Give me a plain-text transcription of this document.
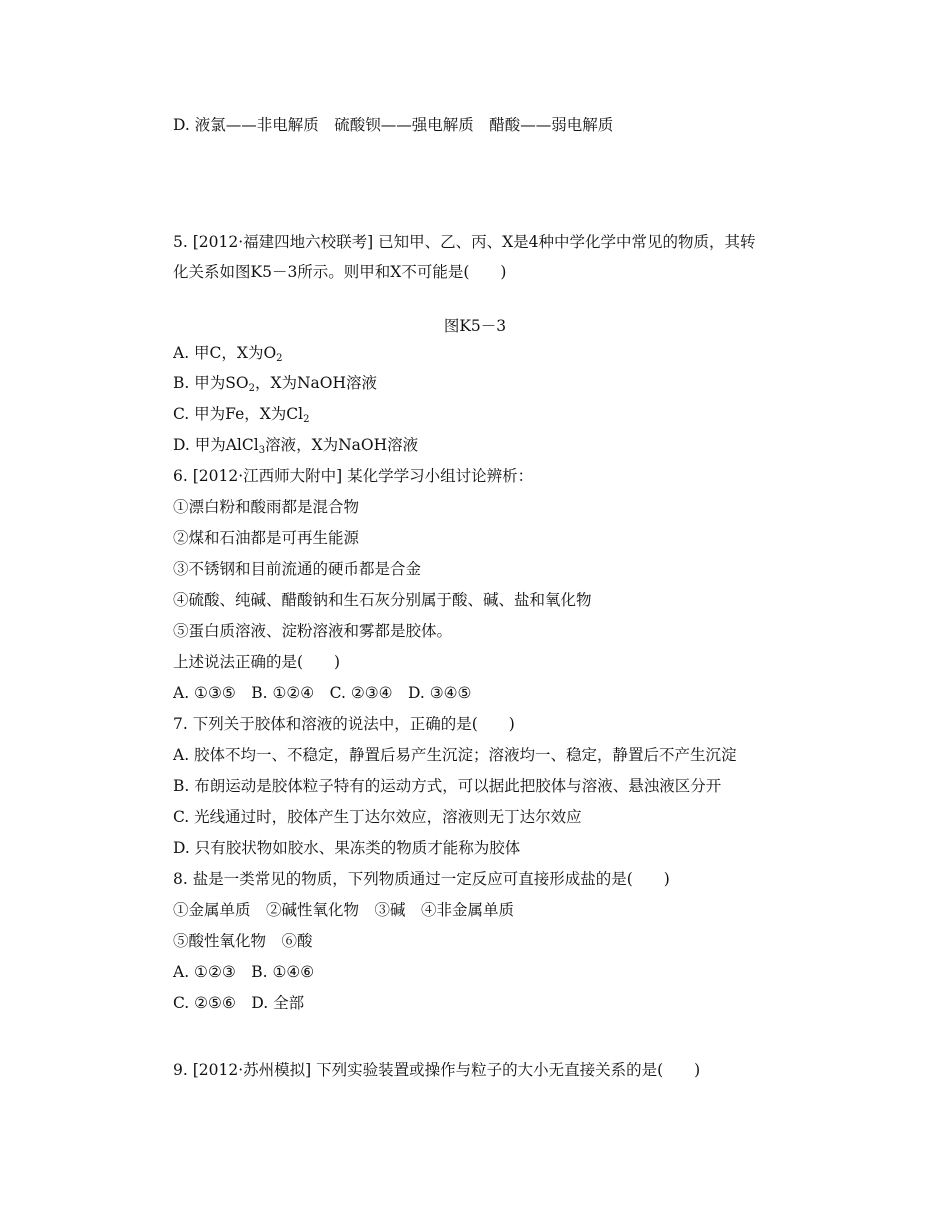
D. 液氯——非电解质　硫酸钡——强电解质　醋酸——弱电解质
5. [2012·福建四地六校联考] 已知甲、乙、丙、X是4种中学化学中常见的物质，其转
化关系如图K5－3所示。则甲和X不可能是(　　)
图K5－3
A. 甲C，X为$O_2$
B. 甲为$SO_2$，X为NaOH溶液
C. 甲为Fe，X为$Cl_2$
D. 甲为AlCl$_3$溶液，X为NaOH溶液
6. [2012·江西师大附中] 某化学学习小组讨论辨析：
①漂白粉和酸雨都是混合物
②煤和石油都是可再生能源
③不锈钢和目前流通的硬币都是合金
④硫酸、纯碱、醋酸钠和生石灰分别属于酸、碱、盐和氧化物
⑤蛋白质溶液、淀粉溶液和雾都是胶体。
上述说法正确的是(　　)
A. ①③⑤　B. ①②④　C. ②③④　D. ③④⑤
7. 下列关于胶体和溶液的说法中，正确的是(　　)
A. 胶体不均一、不稳定，静置后易产生沉淀；溶液均一、稳定，静置后不产生沉淀
B. 布朗运动是胶体粒子特有的运动方式，可以据此把胶体与溶液、悬浊液区分开
C. 光线通过时，胶体产生丁达尔效应，溶液则无丁达尔效应
D. 只有胶状物如胶水、果冻类的物质才能称为胶体
8. 盐是一类常见的物质，下列物质通过一定反应可直接形成盐的是(　　)
①金属单质　②碱性氧化物　③碱　④非金属单质
⑤酸性氧化物　⑥酸
A. ①②③　B. ①④⑥
C. ②⑤⑥　D. 全部
9. [2012·苏州模拟] 下列实验装置或操作与粒子的大小无直接关系的是(　　)
